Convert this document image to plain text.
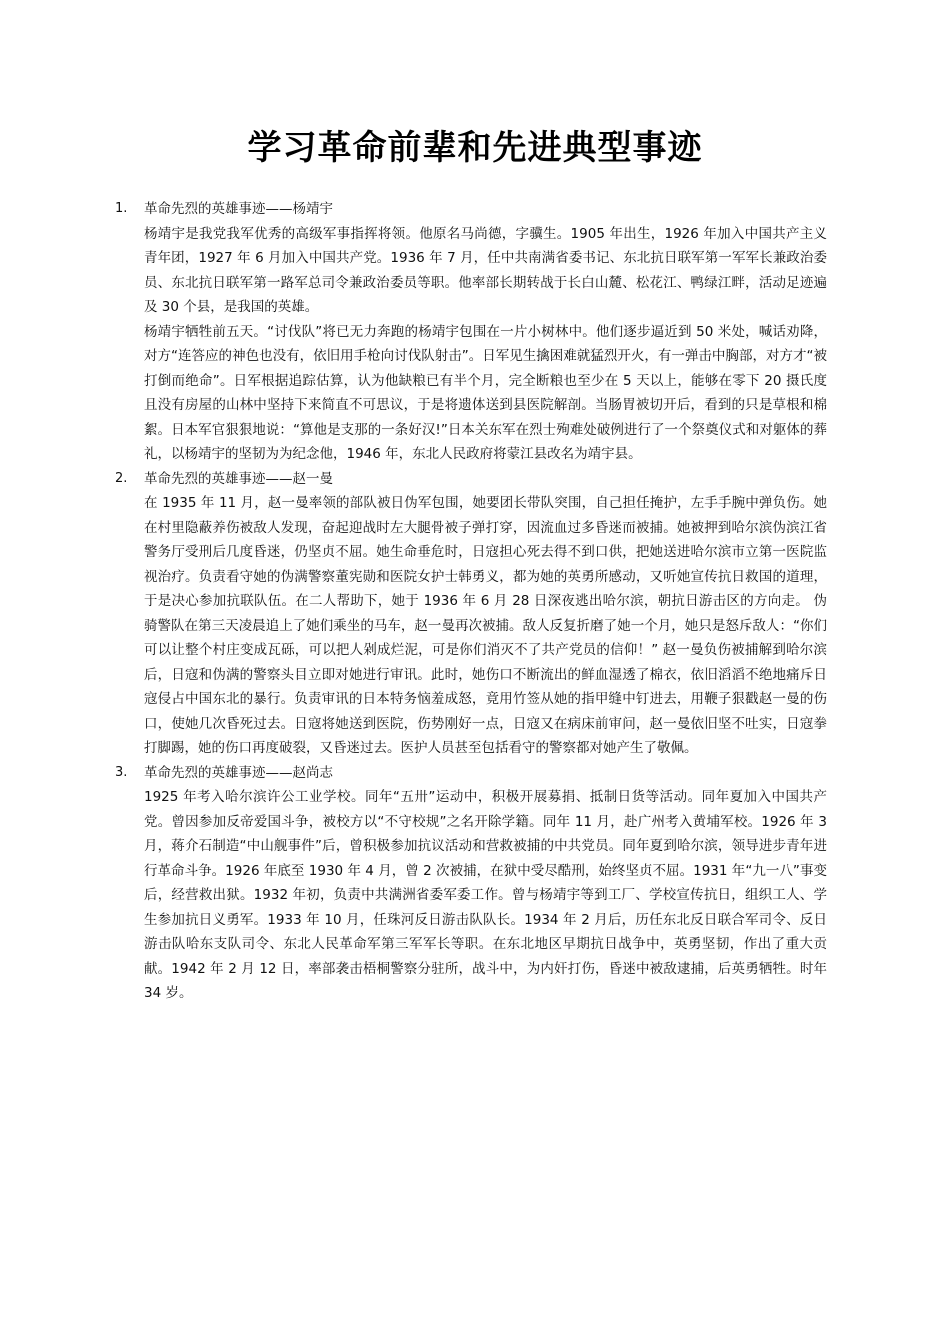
学习革命前辈和先进典型事迹
1. 革命先烈的英雄事迹——杨靖宇

杨靖宇是我党我军优秀的高级军事指挥将领。他原名马尚德，字骥生。1905 年出生，1926 年加入中国共产主义青年团，1927 年 6 月加入中国共产党。1936 年 7 月，任中共南满省委书记、东北抗日联军第一军军长兼政治委员、东北抗日联军第一路军总司令兼政治委员等职。他率部长期转战于长白山麓、松花江、鸭绿江畔，活动足迹遍及 30 个县，是我国的英雄。

杨靖宇牺牲前五天。“讨伐队”将已无力奔跑的杨靖宇包围在一片小树林中。他们逐步逼近到 50 米处，喊话劝降，对方“连答应的神色也没有，依旧用手枪向讨伐队射击”。日军见生擒困难就猛烈开火，有一弹击中胸部，对方才“被打倒而绝命”。日军根据追踪估算，认为他缺粮已有半个月，完全断粮也至少在 5 天以上，能够在零下 20 摄氏度且没有房屋的山林中坚持下来简直不可思议，于是将遗体送到县医院解剖。当肠胃被切开后，看到的只是草根和棉絮。日本军官狠狠地说：“算他是支那的一条好汉!”日本关东军在烈士殉难处破例进行了一个祭奠仪式和对躯体的葬礼，以杨靖宇的坚韧为为纪念他，1946 年，东北人民政府将蒙江县改名为靖宇县。

2. 革命先烈的英雄事迹——赵一曼

在 1935 年 11 月，赵一曼率领的部队被日伪军包围，她要团长带队突围，自己担任掩护，左手手腕中弹负伤。她在村里隐蔽养伤被敌人发现，奋起迎战时左大腿骨被子弹打穿，因流血过多昏迷而被捕。她被押到哈尔滨伪滨江省警务厅受刑后几度昏迷，仍坚贞不屈。她生命垂危时，日寇担心死去得不到口供，把她送进哈尔滨市立第一医院监视治疗。负责看守她的伪满警察董宪勋和医院女护士韩勇义，都为她的英勇所感动，又听她宣传抗日救国的道理，于是决心参加抗联队伍。在二人帮助下，她于 1936 年 6 月 28 日深夜逃出哈尔滨，朝抗日游击区的方向走。 伪骑警队在第三天凌晨追上了她们乘坐的马车，赵一曼再次被捕。敌人反复折磨了她一个月，她只是怒斥敌人：“你们可以让整个村庄变成瓦砾，可以把人剁成烂泥，可是你们消灭不了共产党员的信仰！” 赵一曼负伤被捕解到哈尔滨后，日寇和伪满的警察头目立即对她进行审讯。此时，她伤口不断流出的鲜血湿透了棉衣，依旧滔滔不绝地痛斥日寇侵占中国东北的暴行。负责审讯的日本特务恼羞成怒，竟用竹签从她的指甲缝中钉进去，用鞭子狠戳赵一曼的伤口，使她几次昏死过去。日寇将她送到医院，伤势刚好一点，日寇又在病床前审问，赵一曼依旧坚不吐实，日寇拳打脚踢，她的伤口再度破裂，又昏迷过去。医护人员甚至包括看守的警察都对她产生了敬佩。

3. 革命先烈的英雄事迹——赵尚志

1925 年考入哈尔滨许公工业学校。同年“五卅”运动中，积极开展募捐、抵制日货等活动。同年夏加入中国共产党。曾因参加反帝爱国斗争，被校方以“不守校规”之名开除学籍。同年 11 月，赴广州考入黄埔军校。1926 年 3 月，蒋介石制造“中山舰事件”后，曾积极参加抗议活动和营救被捕的中共党员。同年夏到哈尔滨，领导进步青年进行革命斗争。1926 年底至 1930 年 4 月，曾 2 次被捕，在狱中受尽酷刑，始终坚贞不屈。1931 年“九一八”事变后，经营救出狱。1932 年初，负责中共满洲省委军委工作。曾与杨靖宇等到工厂、学校宣传抗日，组织工人、学生参加抗日义勇军。1933 年 10 月，任珠河反日游击队队长。1934 年 2 月后，历任东北反日联合军司令、反日游击队哈东支队司令、东北人民革命军第三军军长等职。在东北地区早期抗日战争中，英勇坚韧，作出了重大贡献。1942 年 2 月 12 日，率部袭击梧桐警察分驻所，战斗中，为内奸打伤，昏迷中被敌逮捕，后英勇牺牲。时年 34 岁。
